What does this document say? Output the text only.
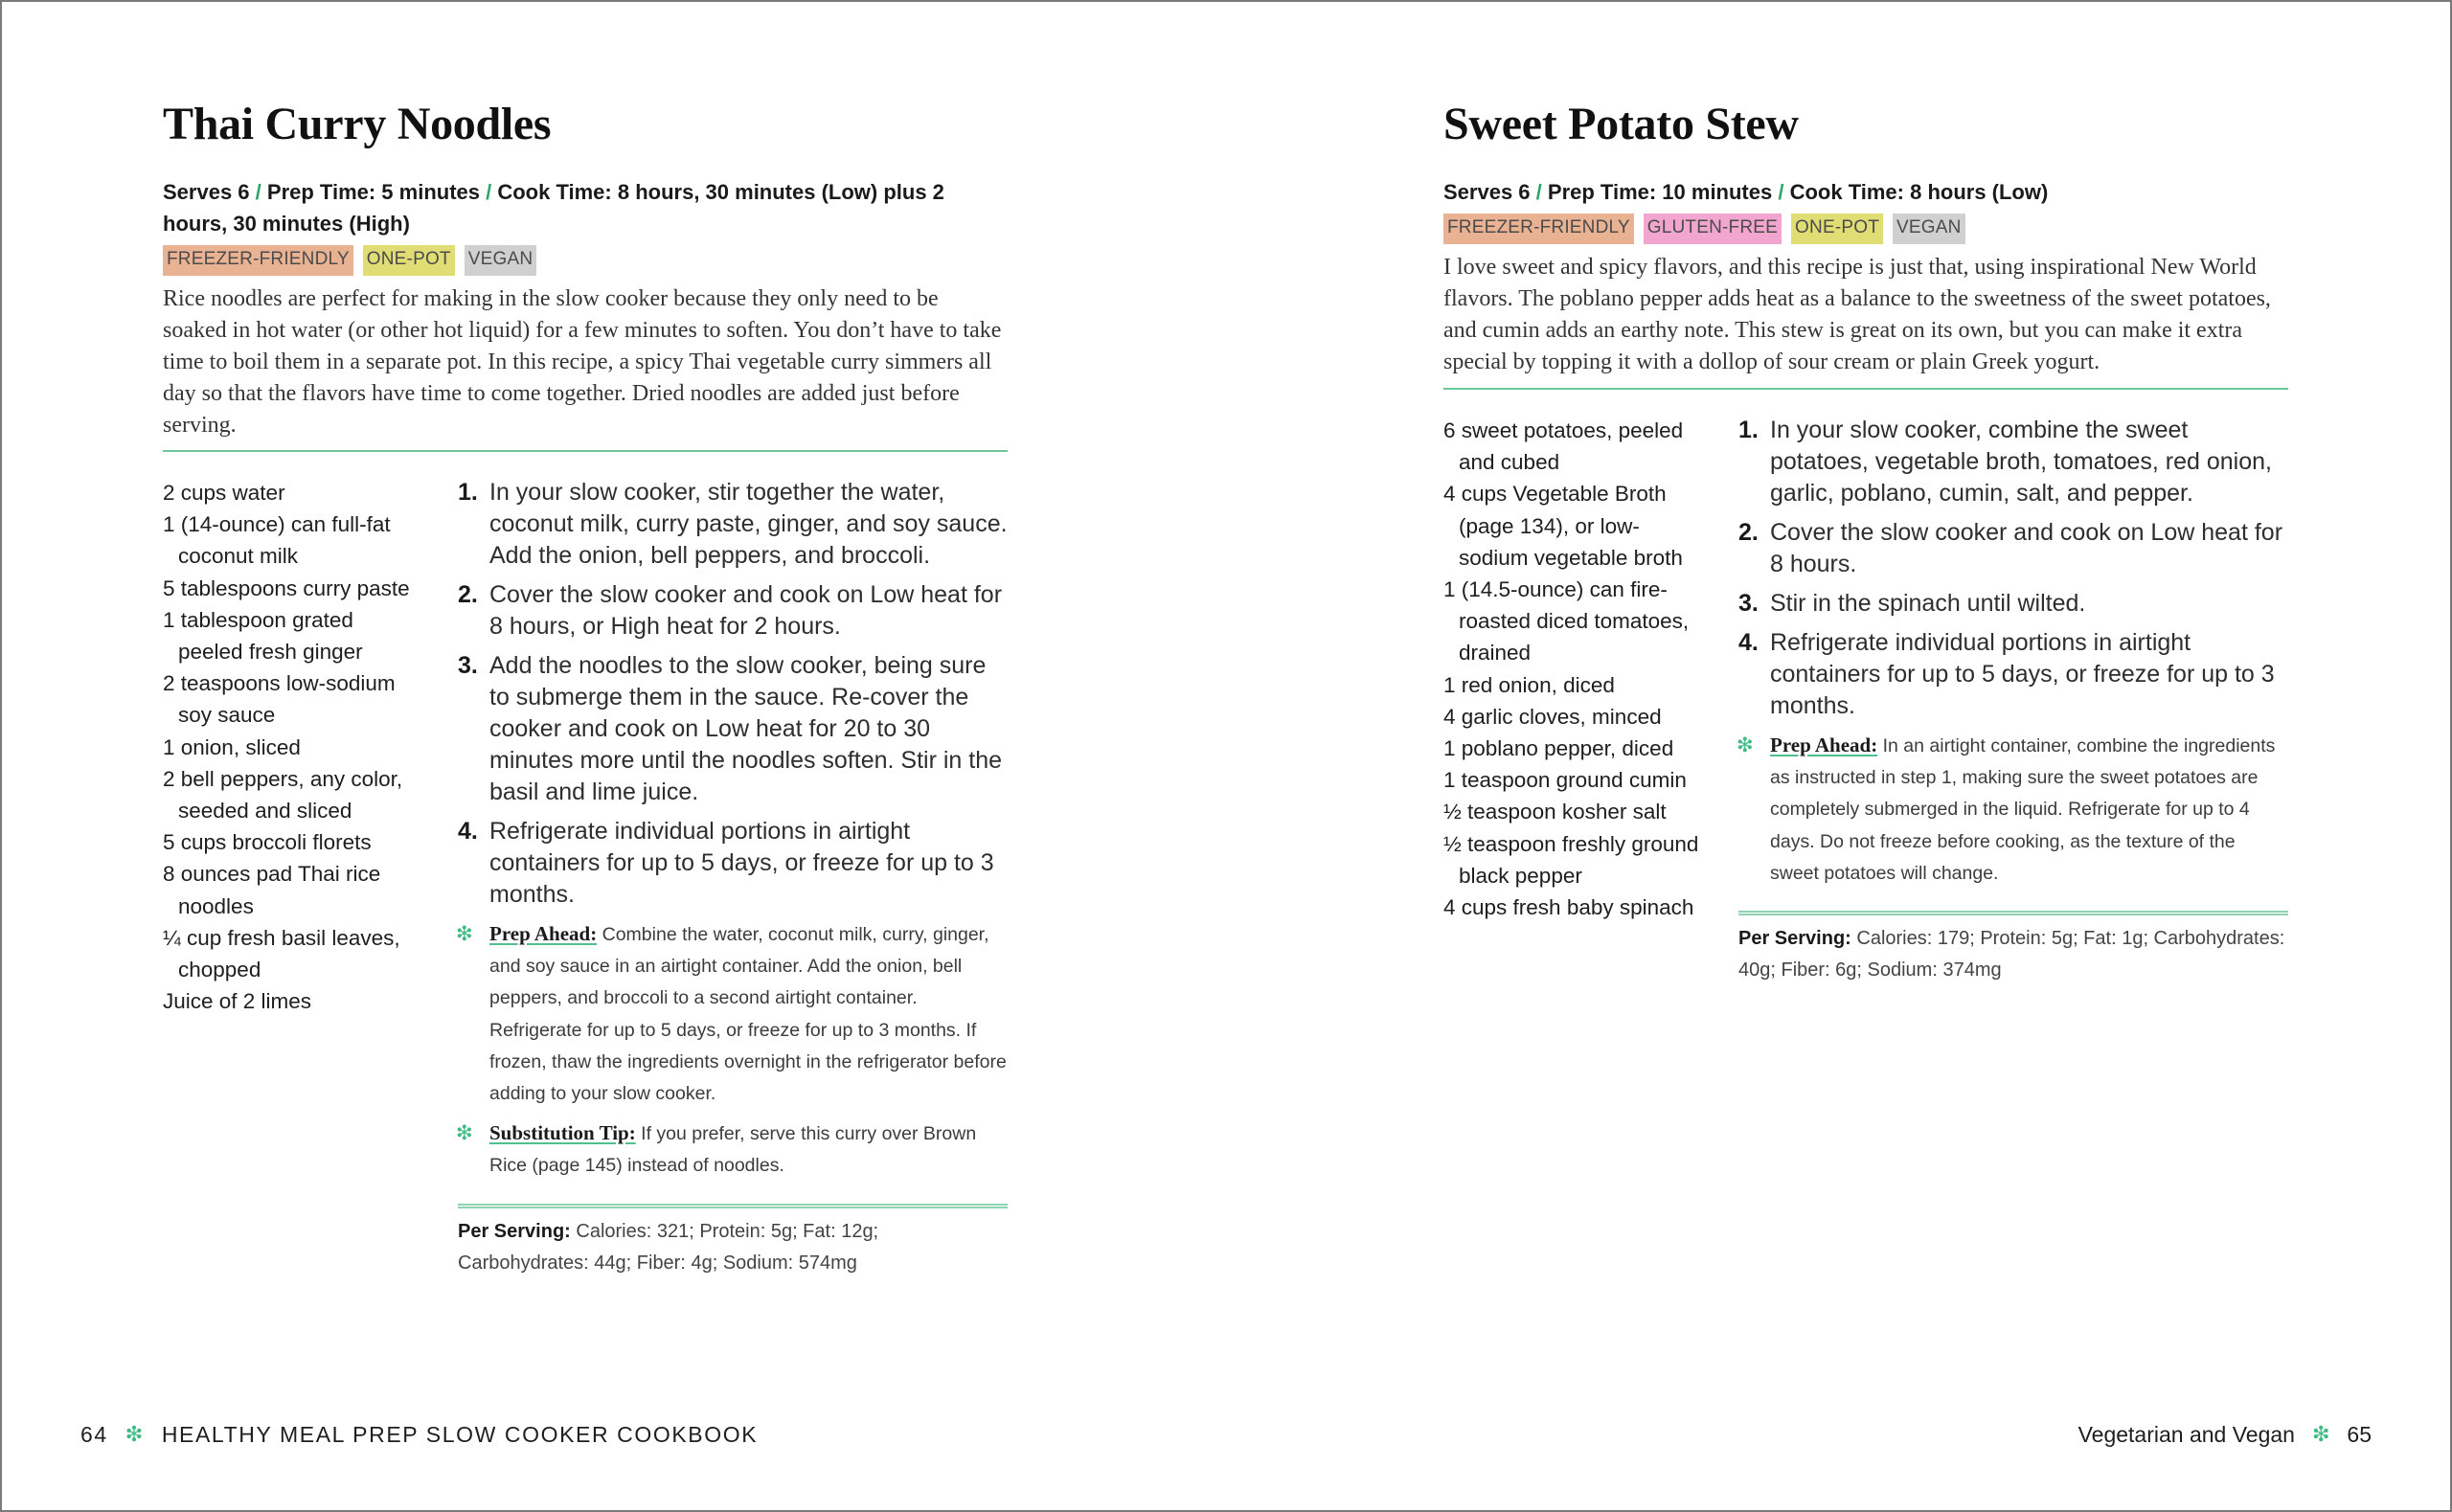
Thai Curry Noodles
Serves 6 / Prep Time: 5 minutes / Cook Time: 8 hours, 30 minutes (Low) plus 2 hours, 30 minutes (High)
FREEZER-FRIENDLY ONE-POT VEGAN

Rice noodles are perfect for making in the slow cooker because they only need to be soaked in hot water (or other hot liquid) for a few minutes to soften. You don’t have to take time to boil them in a separate pot. In this recipe, a spicy Thai vegetable curry simmers all day so that the flavors have time to come together. Dried noodles are added just before serving.

2 cups water
1 (14-ounce) can full-fat coconut milk
5 tablespoons curry paste
1 tablespoon grated peeled fresh ginger
2 teaspoons low-sodium soy sauce
1 onion, sliced
2 bell peppers, any color, seeded and sliced
5 cups broccoli florets
8 ounces pad Thai rice noodles
¼ cup fresh basil leaves, chopped
Juice of 2 limes
1. In your slow cooker, stir together the water, coconut milk, curry paste, ginger, and soy sauce. Add the onion, bell peppers, and broccoli.
2. Cover the slow cooker and cook on Low heat for 8 hours, or High heat for 2 hours.
3. Add the noodles to the slow cooker, being sure to submerge them in the sauce. Re-cover the cooker and cook on Low heat for 20 to 30 minutes more until the noodles soften. Stir in the basil and lime juice.
4. Refrigerate individual portions in airtight containers for up to 5 days, or freeze for up to 3 months.
❇ Prep Ahead: Combine the water, coconut milk, curry, ginger, and soy sauce in an airtight container. Add the onion, bell peppers, and broccoli to a second airtight container. Refrigerate for up to 5 days, or freeze for up to 3 months. If frozen, thaw the ingredients overnight in the refrigerator before adding to your slow cooker.
❇ Substitution Tip: If you prefer, serve this curry over Brown Rice (page 145) instead of noodles.
Per Serving: Calories: 321; Protein: 5g; Fat: 12g; Carbohydrates: 44g; Fiber: 4g; Sodium: 574mg
Sweet Potato Stew
Serves 6 / Prep Time: 10 minutes / Cook Time: 8 hours (Low)
FREEZER-FRIENDLY GLUTEN-FREE ONE-POT VEGAN

I love sweet and spicy flavors, and this recipe is just that, using inspirational New World flavors. The poblano pepper adds heat as a balance to the sweetness of the sweet potatoes, and cumin adds an earthy note. This stew is great on its own, but you can make it extra special by topping it with a dollop of sour cream or plain Greek yogurt.

6 sweet potatoes, peeled and cubed
4 cups Vegetable Broth (page 134), or low-sodium vegetable broth
1 (14.5-ounce) can fire-roasted diced tomatoes, drained
1 red onion, diced
4 garlic cloves, minced
1 poblano pepper, diced
1 teaspoon ground cumin
½ teaspoon kosher salt
½ teaspoon freshly ground black pepper
4 cups fresh baby spinach
1. In your slow cooker, combine the sweet potatoes, vegetable broth, tomatoes, red onion, garlic, poblano, cumin, salt, and pepper.
2. Cover the slow cooker and cook on Low heat for 8 hours.
3. Stir in the spinach until wilted.
4. Refrigerate individual portions in airtight containers for up to 5 days, or freeze for up to 3 months.
❇ Prep Ahead: In an airtight container, combine the ingredients as instructed in step 1, making sure the sweet potatoes are completely submerged in the liquid. Refrigerate for up to 4 days. Do not freeze before cooking, as the texture of the sweet potatoes will change.
Per Serving: Calories: 179; Protein: 5g; Fat: 1g; Carbohydrates: 40g; Fiber: 6g; Sodium: 374mg
64 ❇ HEALTHY MEAL PREP SLOW COOKER COOKBOOK	Vegetarian and Vegan ❇ 65
